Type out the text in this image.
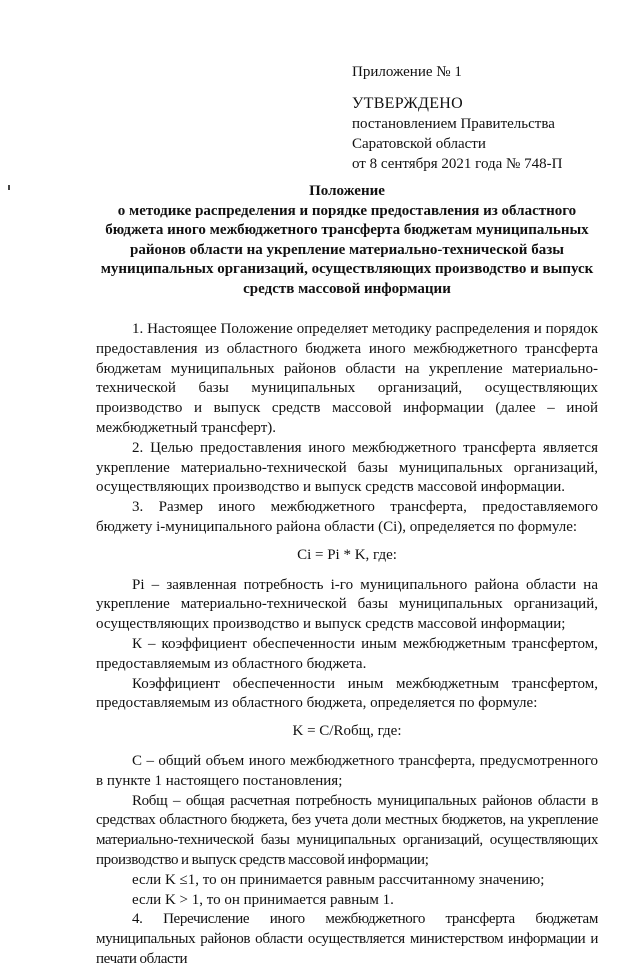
Приложение № 1
УТВЕРЖДЕНО
постановлением Правительства
Саратовской области
от 8 сентября 2021 года № 748-П
Положение
о методике распределения и порядке предоставления из областного бюджета иного межбюджетного трансферта бюджетам муниципальных районов области на укрепление материально-технической базы муниципальных организаций, осуществляющих производство и выпуск средств массовой информации

1. Настоящее Положение определяет методику распределения и порядок предоставления из областного бюджета иного межбюджетного трансферта бюджетам муниципальных районов области на укрепление материально-технической базы муниципальных организаций, осуществляющих производство и выпуск средств массовой информации (далее – иной межбюджетный трансферт).

2. Целью предоставления иного межбюджетного трансферта является укрепление материально-технической базы муниципальных организаций, осуществляющих производство и выпуск средств массовой информации.

3. Размер иного межбюджетного трансферта, предоставляемого бюджету i-муниципального района области (Ci), определяется по формуле:

Ci = Pi * K, где:

Pi – заявленная потребность i-го муниципального района области на укрепление материально-технической базы муниципальных организаций, осуществляющих производство и выпуск средств массовой информации;

К – коэффициент обеспеченности иным межбюджетным трансфертом, предоставляемым из областного бюджета.

Коэффициент обеспеченности иным межбюджетным трансфертом, предоставляемым из областного бюджета, определяется по формуле:

K = С/Rобщ, где:

С – общий объем иного межбюджетного трансферта, предусмотренного в пункте 1 настоящего постановления;

Rобщ – общая расчетная потребность муниципальных районов области в средствах областного бюджета, без учета доли местных бюджетов, на укрепление материально-технической базы муниципальных организаций, осуществляющих производство и выпуск средств массовой информации;

если K ≤1, то он принимается равным рассчитанному значению;

если K > 1, то он принимается равным 1.

4. Перечисление иного межбюджетного трансферта бюджетам муниципальных районов области осуществляется министерством информации и печати области
